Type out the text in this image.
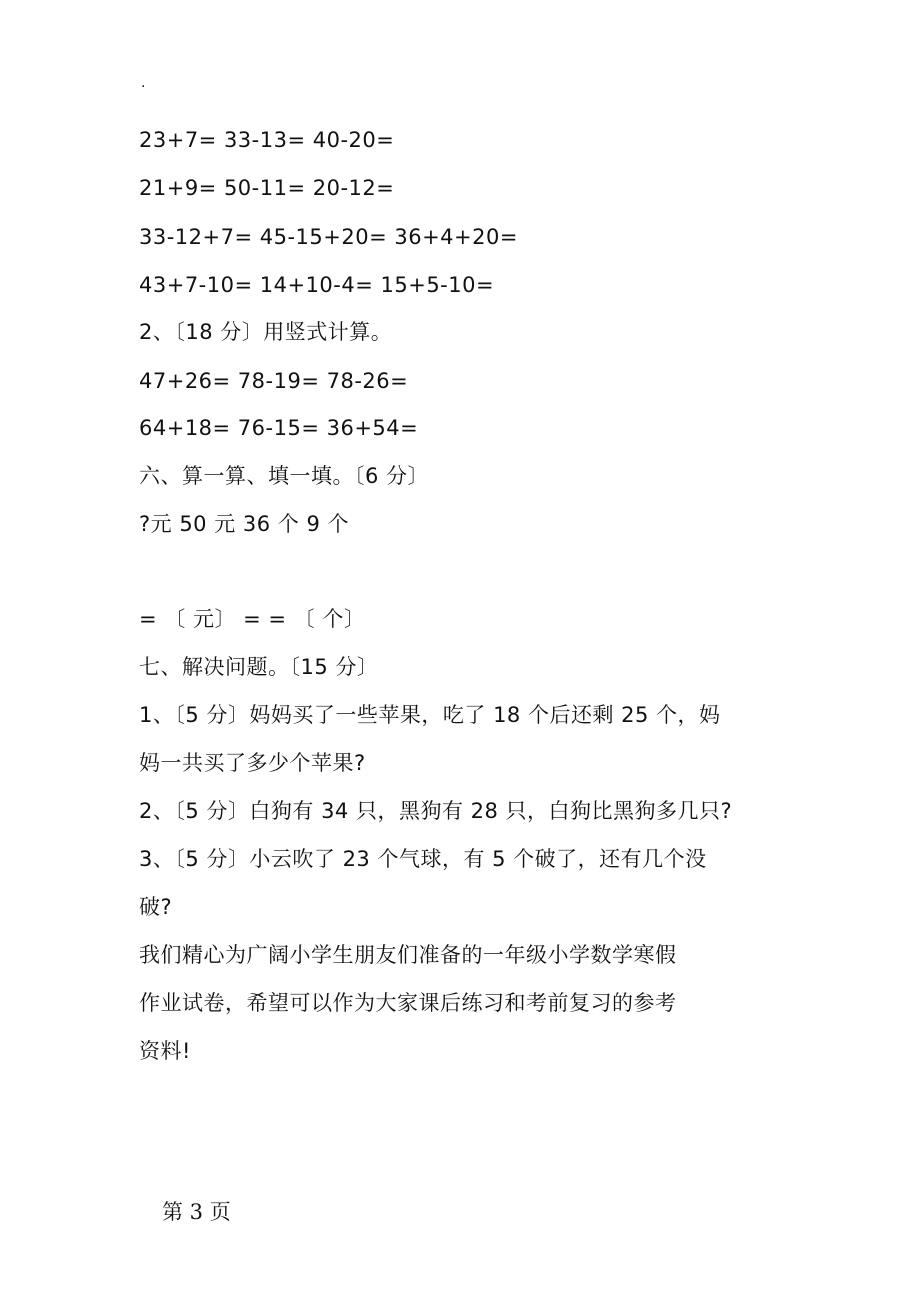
.
23+7= 33-13= 40-20=
21+9= 50-11= 20-12=
33-12+7= 45-15+20= 36+4+20=
43+7-10= 14+10-4= 15+5-10=
2、〔18 分〕用竖式计算。
47+26= 78-19= 78-26=
64+18= 76-15= 36+54=
六、算一算、填一填。〔6 分〕
?元 50 元 36 个 9 个
= 〔 元〕 = = 〔 个〕
七、解决问题。〔15 分〕
1、〔5 分〕妈妈买了一些苹果，吃了 18 个后还剩 25 个，妈
妈一共买了多少个苹果?
2、〔5 分〕白狗有 34 只，黑狗有 28 只，白狗比黑狗多几只?
3、〔5 分〕小云吹了 23 个气球，有 5 个破了，还有几个没
破?
我们精心为广阔小学生朋友们准备的一年级小学数学寒假
作业试卷，希望可以作为大家课后练习和考前复习的参考
资料!
第 3 页
